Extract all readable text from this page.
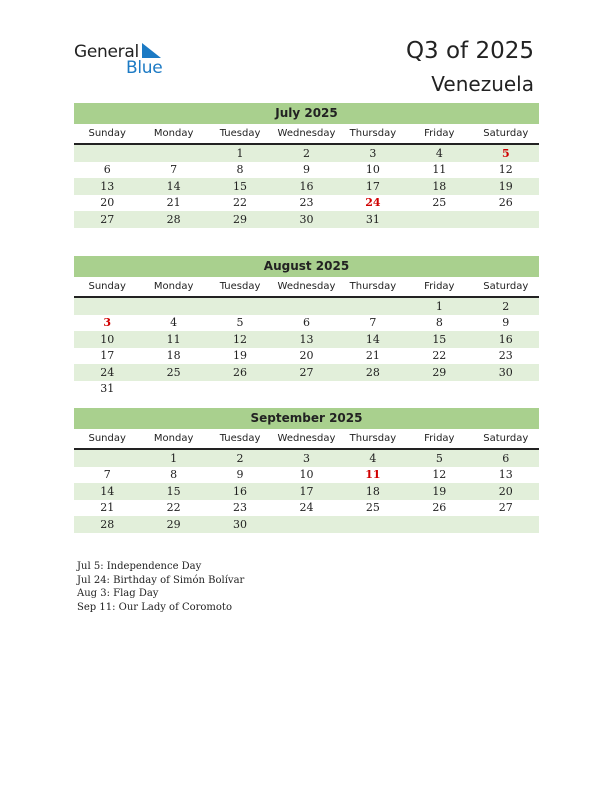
General
Blue
Q3 of 2025
Venezuela
July 2025
Sunday	Monday	Tuesday	Wednesday	Thursday	Friday	Saturday
		1	2	3	4	5
6	7	8	9	10	11	12
13	14	15	16	17	18	19
20	21	22	23	24	25	26
27	28	29	30	31		
August 2025
Sunday	Monday	Tuesday	Wednesday	Thursday	Friday	Saturday
					1	2
3	4	5	6	7	8	9
10	11	12	13	14	15	16
17	18	19	20	21	22	23
24	25	26	27	28	29	30
31						
September 2025
Sunday	Monday	Tuesday	Wednesday	Thursday	Friday	Saturday
	1	2	3	4	5	6
7	8	9	10	11	12	13
14	15	16	17	18	19	20
21	22	23	24	25	26	27
28	29	30				
Jul 5: Independence Day
Jul 24: Birthday of Simón Bolívar
Aug 3: Flag Day
Sep 11: Our Lady of Coromoto
